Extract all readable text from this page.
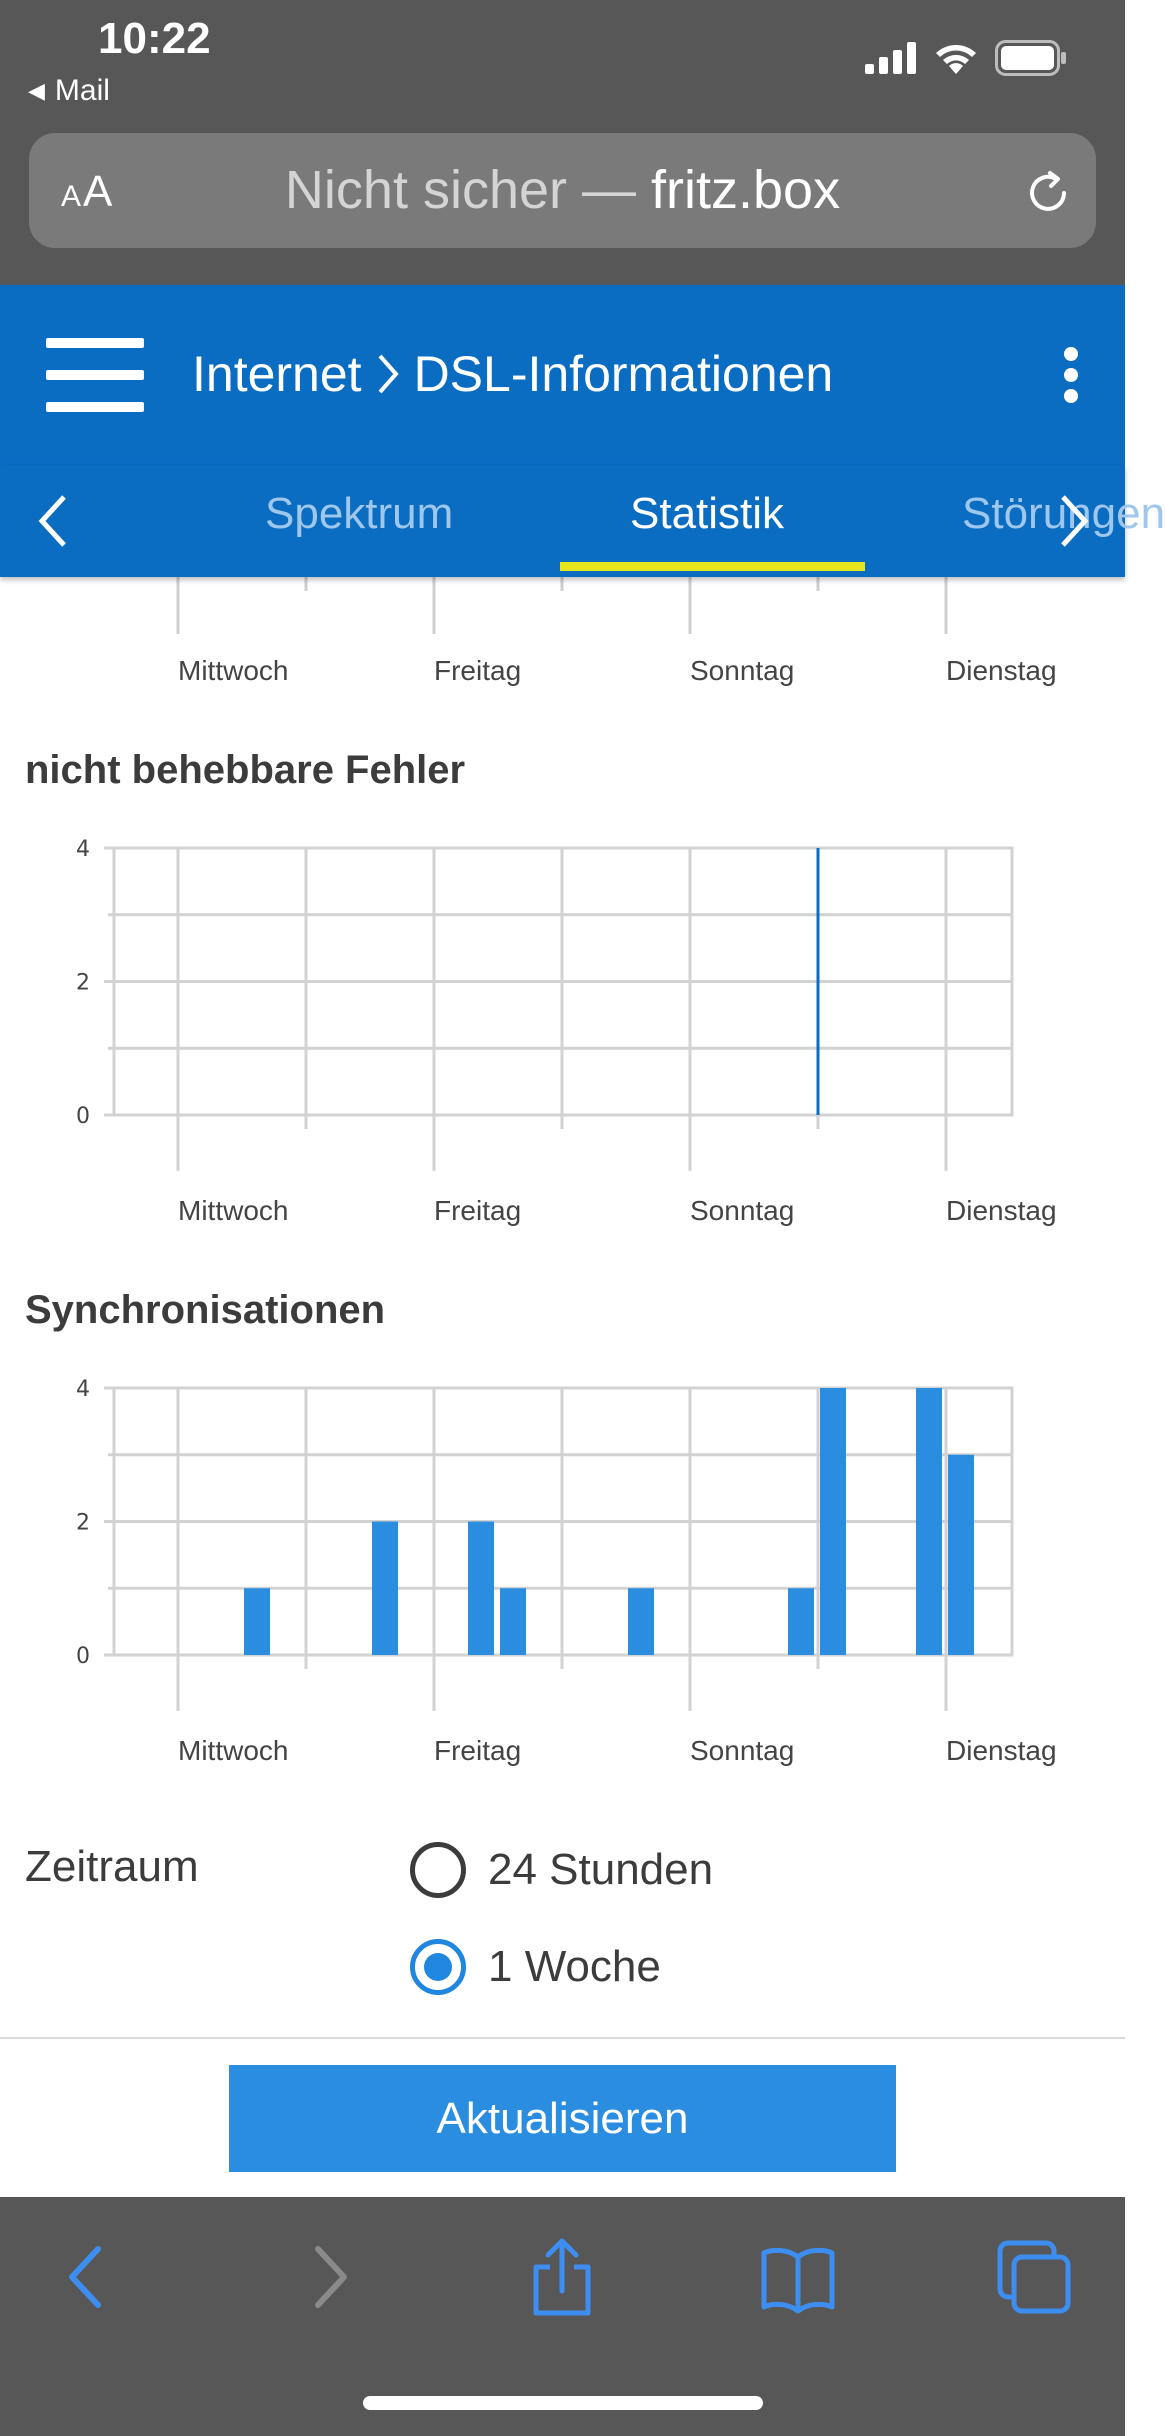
10:22
◀ Mail
A A	Nicht sicher — fritz.box
Internet DSL-Informationen
Spektrum	Statistik	Störungen
Mittwoch	Freitag	Sonntag	Dienstag
nicht behebbare Fehler
0
2
4
Mittwoch	Freitag	Sonntag	Dienstag
Synchronisationen
0
2
4
Mittwoch	Freitag	Sonntag	Dienstag
Zeitraum	24 Stunden
1 Woche
Aktualisieren
